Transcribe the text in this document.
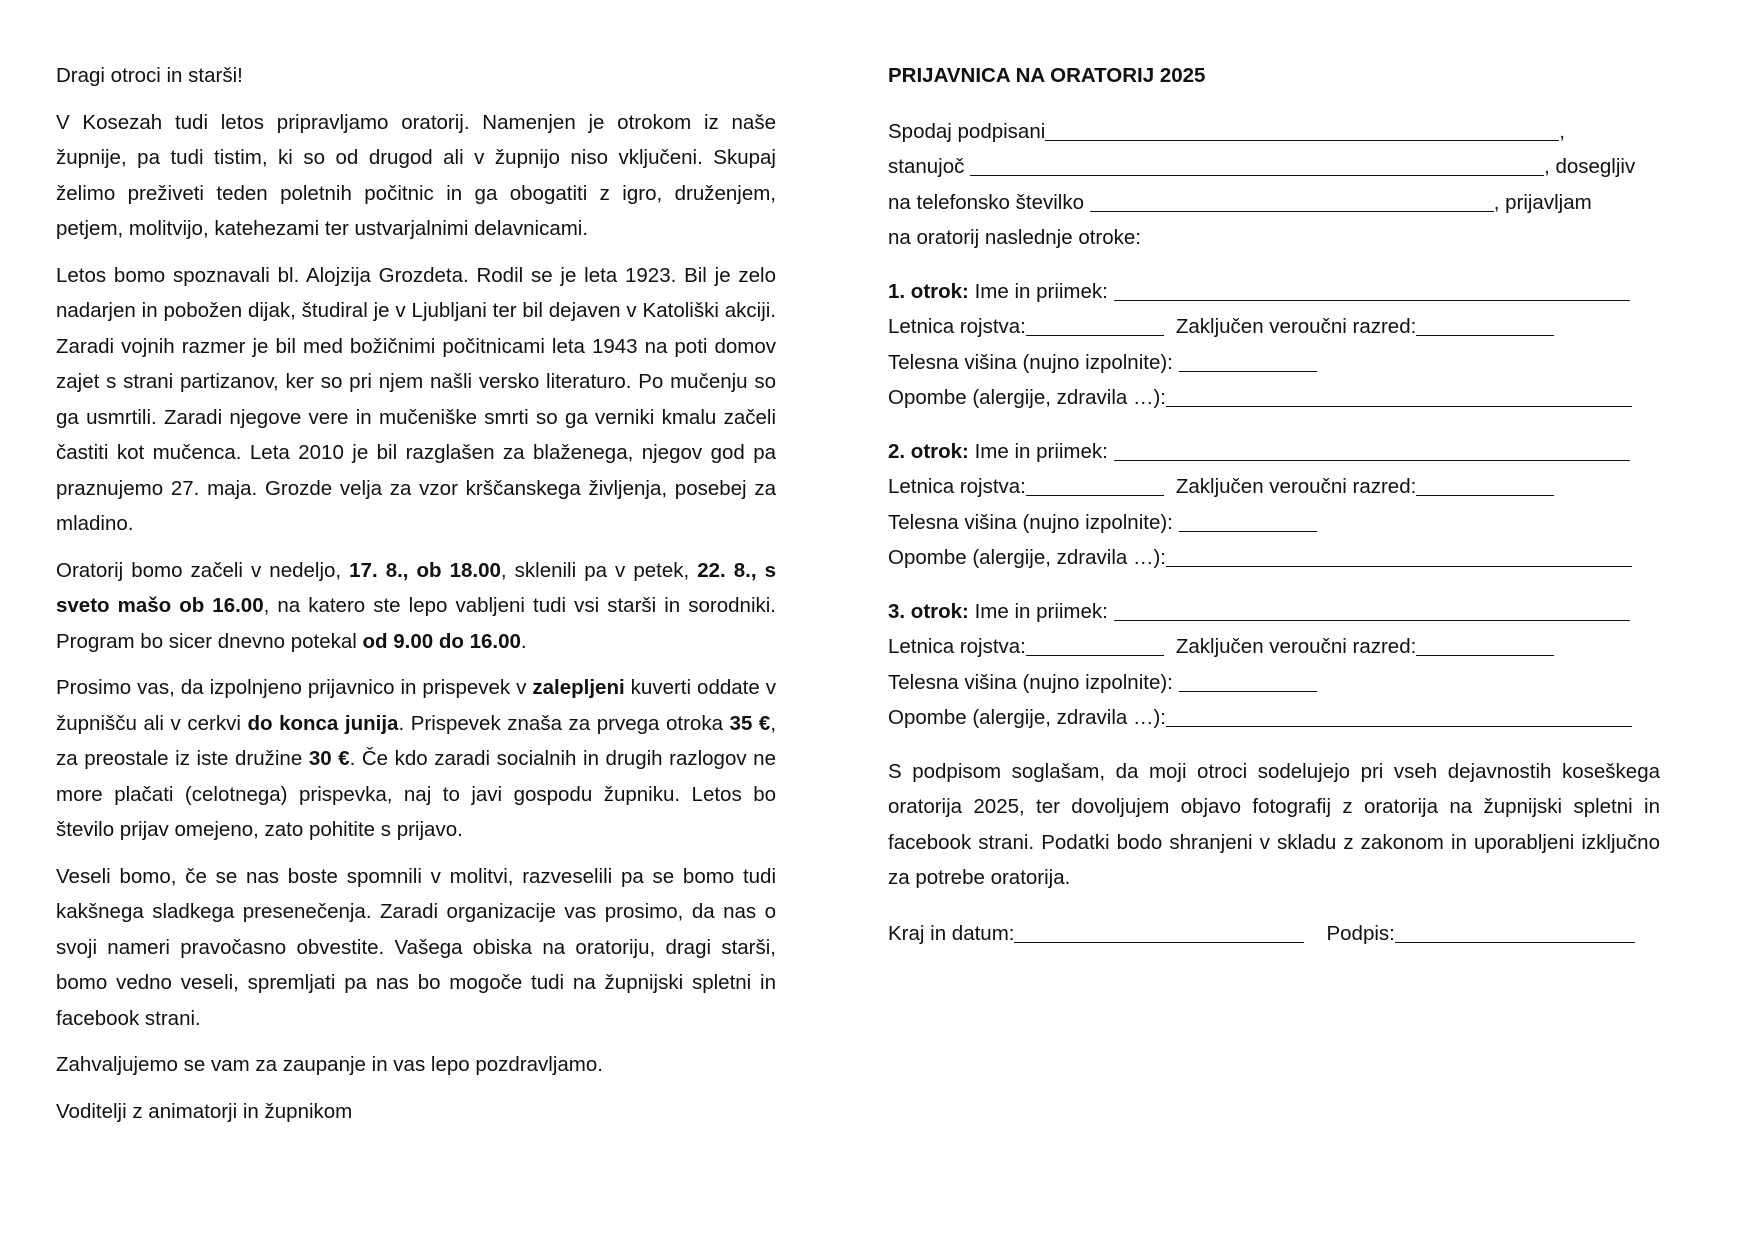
Dragi otroci in starši!

V Kosezah tudi letos pripravljamo oratorij. Namenjen je otrokom iz naše župnije, pa tudi tistim, ki so od drugod ali v župnijo niso vključeni. Skupaj želimo preživeti teden poletnih počitnic in ga obogatiti z igro, druženjem, petjem, molitvijo, katehezami ter ustvarjalnimi delavnicami.

Letos bomo spoznavali bl. Alojzija Grozdeta. Rodil se je leta 1923. Bil je zelo nadarjen in pobožen dijak, študiral je v Ljubljani ter bil dejaven v Katoliški akciji. Zaradi vojnih razmer je bil med božičnimi počitnicami leta 1943 na poti domov zajet s strani partizanov, ker so pri njem našli versko literaturo. Po mučenju so ga usmrtili. Zaradi njegove vere in mučeniške smrti so ga verniki kmalu začeli častiti kot mučenca. Leta 2010 je bil razglašen za blaženega, njegov god pa praznujemo 27. maja. Grozde velja za vzor krščanskega življenja, posebej za mladino.

Oratorij bomo začeli v nedeljo, 17. 8., ob 18.00, sklenili pa v petek, 22. 8., s sveto mašo ob 16.00, na katero ste lepo vabljeni tudi vsi starši in sorodniki. Program bo sicer dnevno potekal od 9.00 do 16.00.

Prosimo vas, da izpolnjeno prijavnico in prispevek v zalepljeni kuverti oddate v župnišču ali v cerkvi do konca junija. Prispevek znaša za prvega otroka 35 €, za preostale iz iste družine 30 €. Če kdo zaradi socialnih in drugih razlogov ne more plačati (celotnega) prispevka, naj to javi gospodu župniku. Letos bo število prijav omejeno, zato pohitite s prijavo.

Veseli bomo, če se nas boste spomnili v molitvi, razveselili pa se bomo tudi kakšnega sladkega presenečenja. Zaradi organizacije vas prosimo, da nas o svoji nameri pravočasno obvestite. Vašega obiska na oratoriju, dragi starši, bomo vedno veseli, spremljati pa nas bo mogoče tudi na župnijski spletni in facebook strani.

Zahvaljujemo se vam za zaupanje in vas lepo pozdravljamo.

Voditelji z animatorji in župnikom

PRIJAVNICA NA ORATORIJ 2025
Spodaj podpisani	,
stanujoč	, dosegljiv
na telefonsko številko	, prijavljam
na oratorij naslednje otroke:
1. otrok: Ime in priimek:
Letnica rojstva:	Zaključen veroučni razred:
Telesna višina (nujno izpolnite):
Opombe (alergije, zdravila …):
2. otrok: Ime in priimek:
Letnica rojstva:	Zaključen veroučni razred:
Telesna višina (nujno izpolnite):
Opombe (alergije, zdravila …):
3. otrok: Ime in priimek:
Letnica rojstva:	Zaključen veroučni razred:
Telesna višina (nujno izpolnite):
Opombe (alergije, zdravila …):
S podpisom soglašam, da moji otroci sodelujejo pri vseh dejavnostih koseškega oratorija 2025, ter dovoljujem objavo fotografij z oratorija na župnijski spletni in facebook strani. Podatki bodo shranjeni v skladu z zakonom in uporabljeni izključno za potrebe oratorija.
Kraj in datum:	Podpis:
